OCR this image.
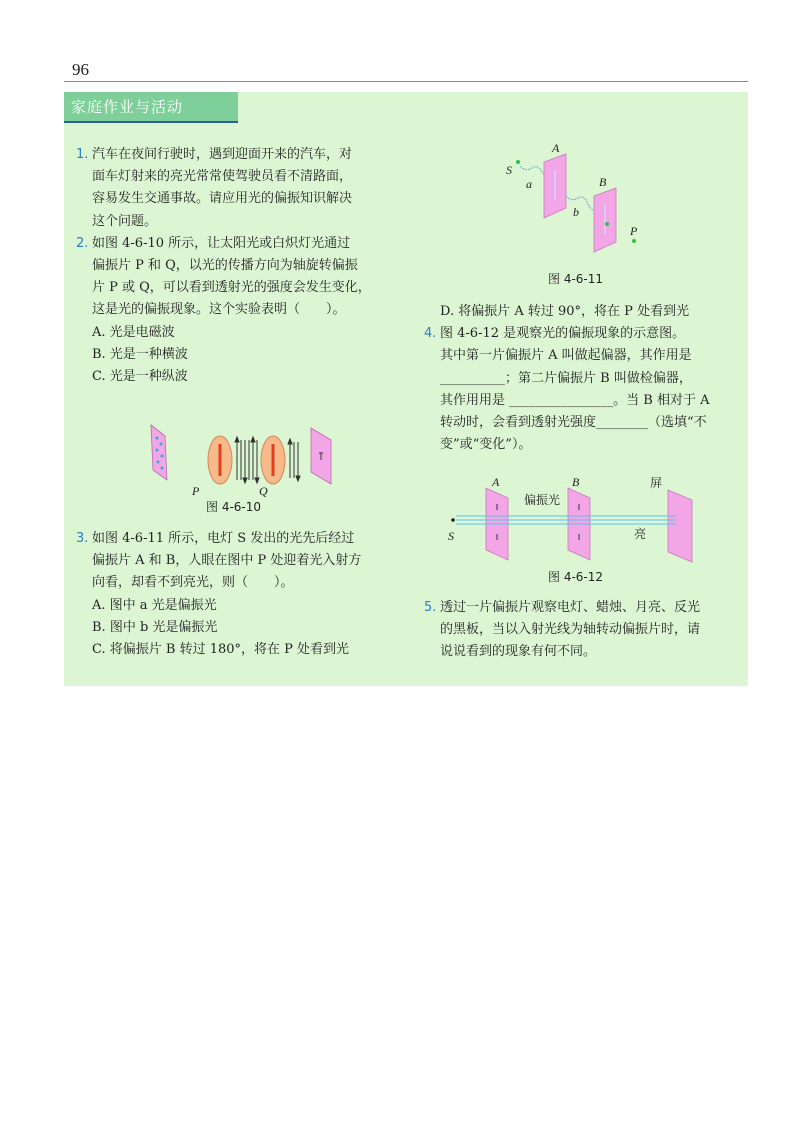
96
家庭作业与活动
1. 汽车在夜间行驶时，遇到迎面开来的汽车，对
面车灯射来的亮光常常使驾驶员看不清路面，
容易发生交通事故。请应用光的偏振知识解决
这个问题。
2. 如图 4-6-10 所示，让太阳光或白炽灯光通过
偏振片 P 和 Q，以光的传播方向为轴旋转偏振
片 P 或 Q，可以看到透射光的强度会发生变化，
这是光的偏振现象。这个实验表明（　　）。
A. 光是电磁波
B. 光是一种横波
C. 光是一种纵波
P	Q
图 4-6-10
3. 如图 4-6-11 所示，电灯 S 发出的光先后经过
偏振片 A 和 B，人眼在图中 P 处迎着光入射方
向看，却看不到亮光，则（　　）。
A. 图中 a 光是偏振光
B. 图中 b 光是偏振光
C. 将偏振片 B 转过 180°，将在 P 处看到光
S
a
A
b
B
P
图 4-6-11
D. 将偏振片 A 转过 90°，将在 P 处看到光
4. 图 4-6-12 是观察光的偏振现象的示意图。
其中第一片偏振片 A 叫做起偏器，其作用是
__________；第二片偏振片 B 叫做检偏器，
其作用用是 ________________。当 B 相对于 A
转动时，会看到透射光强度________（选填“不
变”或“变化”）。
A	B	屏
S
偏振光
亮
图 4-6-12
5. 透过一片偏振片观察电灯、蜡烛、月亮、反光
的黑板，当以入射光线为轴转动偏振片时，请
说说看到的现象有何不同。
